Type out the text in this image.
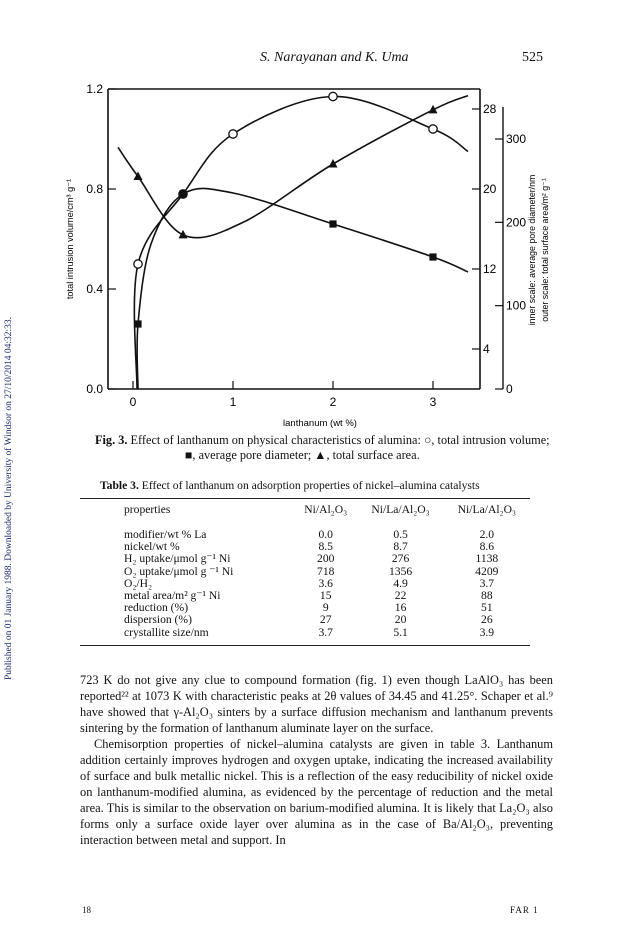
S. Narayanan and K. Uma	525
Published on 01 January 1988. Downloaded by University of Windsor on 27/10/2014 04:32:33.	0	1	2	3
lanthanum (wt %)
0.0
0.4
0.8
1.2
total intrusion volume/cm³ g⁻¹
4
12
20
28
0
100
200
300
inner scale: average pore diameter/nm outer scale: total surface area/m² g⁻¹
Fig. 3. Effect of lanthanum on physical characteristics of alumina: ○, total intrusion volume;
■, average pore diameter; ▲, total surface area.
Table 3. Effect of lanthanum on adsorption properties of nickel–alumina catalysts
properties	Ni/Al₂O₃	Ni/La/Al₂O₃	Ni/La/Al₂O₃
modifier/wt % La	0.0	0.5	2.0
nickel/wt %	8.5	8.7	8.6
H₂ uptake/μmol g⁻¹ Ni	200	276	1138
O₂ uptake/μmol g ⁻¹ Ni	718	1356	4209
O₂/H₂	3.6	4.9	3.7
metal area/m² g⁻¹ Ni	15	22	88
reduction (%)	9	16	51
dispersion (%)	27	20	26
crystallite size/nm	3.7	5.1	3.9

723 K do not give any clue to compound formation (fig. 1) even though LaAlO₃ has been reported²² at 1073 K with characteristic peaks at 2θ values of 34.45 and 41.25°. Schaper et al.⁹ have showed that γ-Al₂O₃ sinters by a surface diffusion mechanism and lanthanum prevents sintering by the formation of lanthanum aluminate layer on the surface.

Chemisorption properties of nickel–alumina catalysts are given in table 3. Lanthanum addition certainly improves hydrogen and oxygen uptake, indicating the increased availability of surface and bulk metallic nickel. This is a reflection of the easy reducibility of nickel oxide on lanthanum-modified alumina, as evidenced by the percentage of reduction and the metal area. This is similar to the observation on barium-modified alumina. It is likely that La₂O₃ also forms only a surface oxide layer over alumina as in the case of Ba/Al₂O₃, preventing interaction between metal and support. In

18	FAR 1
